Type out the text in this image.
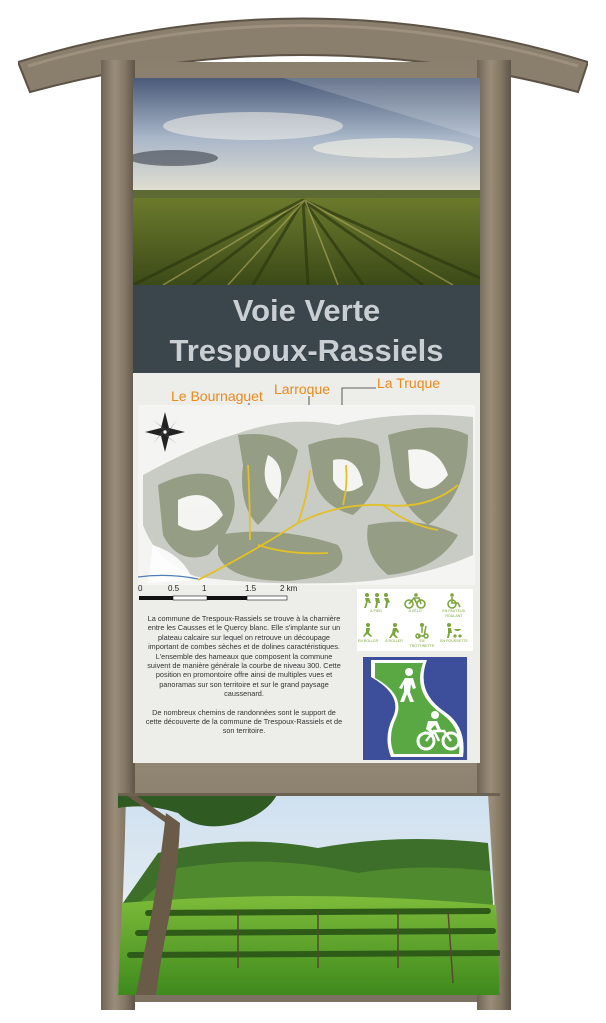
Voie Verte
Trespoux-Rassiels
Le Bournaguet Larroque	La Truque
0	0.5	1	1.5	2 km

La commune de Trespoux-Rassiels se trouve à la charnière entre les Causses et le Quercy blanc. Elle s'implante sur un plateau calcaire sur lequel on retrouve un découpage important de combes sèches et de dolines caractéristiques. L'ensemble des hameaux que composent la commune suivent de manière générale la courbe de niveau 300. Cette position en promontoire offre ainsi de multiples vues et panoramas sur son territoire et sur le grand paysage caussenard.

De nombreux chemins de randonnées sont le support de cette découverte de la commune de Trespoux-Rassiels et de son territoire.

À PIED	À VÉLO	EN FAUTEUIL ROULANT
EN ROLLER	À ROLLER	EN TROTTINETTE
EN POUSSETTE
